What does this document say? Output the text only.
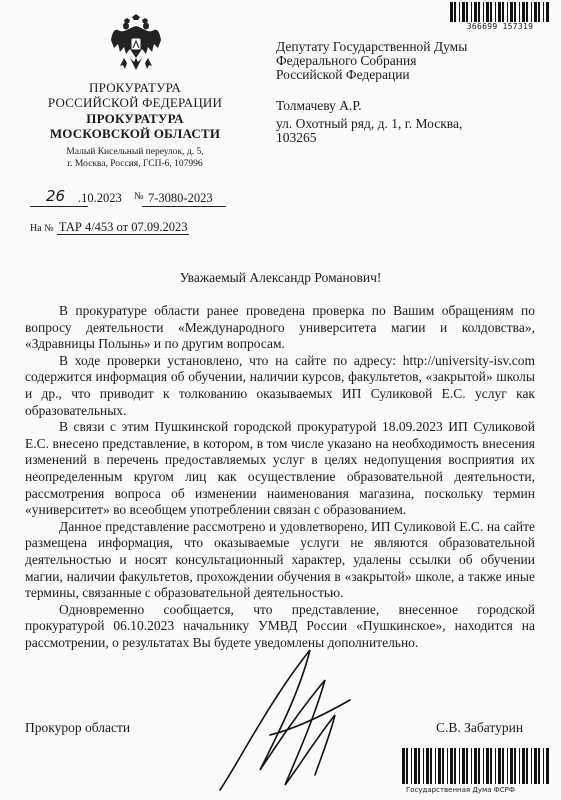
ПРОКУРАТУРА
РОССИЙСКОЙ ФЕДЕРАЦИИ
ПРОКУРАТУРА
МОСКОВСКОЙ ОБЛАСТИ
Малый Кисельный переулок, д. 5,
г. Москва, Россия, ГСП-6, 107996
26 .10.2023 № 7-3080-2023
На № ТАР 4/453 от 07.09.2023
366699 157319
Депутату Государственной Думы
Федерального Собрания
Российской Федерации
Толмачеву А.Р.
ул. Охотный ряд, д. 1, г. Москва,
103265
Уважаемый Александр Романович!

В прокуратуре области ранее проведена проверка по Вашим обращениям по вопросу деятельности «Международного университета магии и колдовства», «Здравницы Полынь» и по другим вопросам.

В ходе проверки установлено, что на сайте по адресу: http://university-isv.com содержится информация об обучении, наличии курсов, факультетов, «закрытой» школы и др., что приводит к толкованию оказываемых ИП Суликовой Е.С. услуг как образовательных.

В связи с этим Пушкинской городской прокуратурой 18.09.2023 ИП Суликовой Е.С. внесено представление, в котором, в том числе указано на необходимость внесения изменений в перечень предоставляемых услуг в целях недопущения восприятия их неопределенным кругом лиц как осуществление образовательной деятельности, рассмотрения вопроса об изменении наименования магазина, поскольку термин «университет» во всеобщем употреблении связан с образованием.

Данное представление рассмотрено и удовлетворено, ИП Суликовой Е.С. на сайте размещена информация, что оказываемые услуги не являются образовательной деятельностью и носят консультационный характер, удалены ссылки об обучении магии, наличии факультетов, прохождении обучения в «закрытой» школе, а также иные термины, связанные с образовательной деятельностью.

Одновременно сообщается, что представление, внесенное городской прокуратурой 06.10.2023 начальнику УМВД России «Пушкинское», находится на рассмотрении, о результатах Вы будете уведомлены дополнительно.

Прокурор области	С.В. Забатурин
Государственная Дума ФСРФ
